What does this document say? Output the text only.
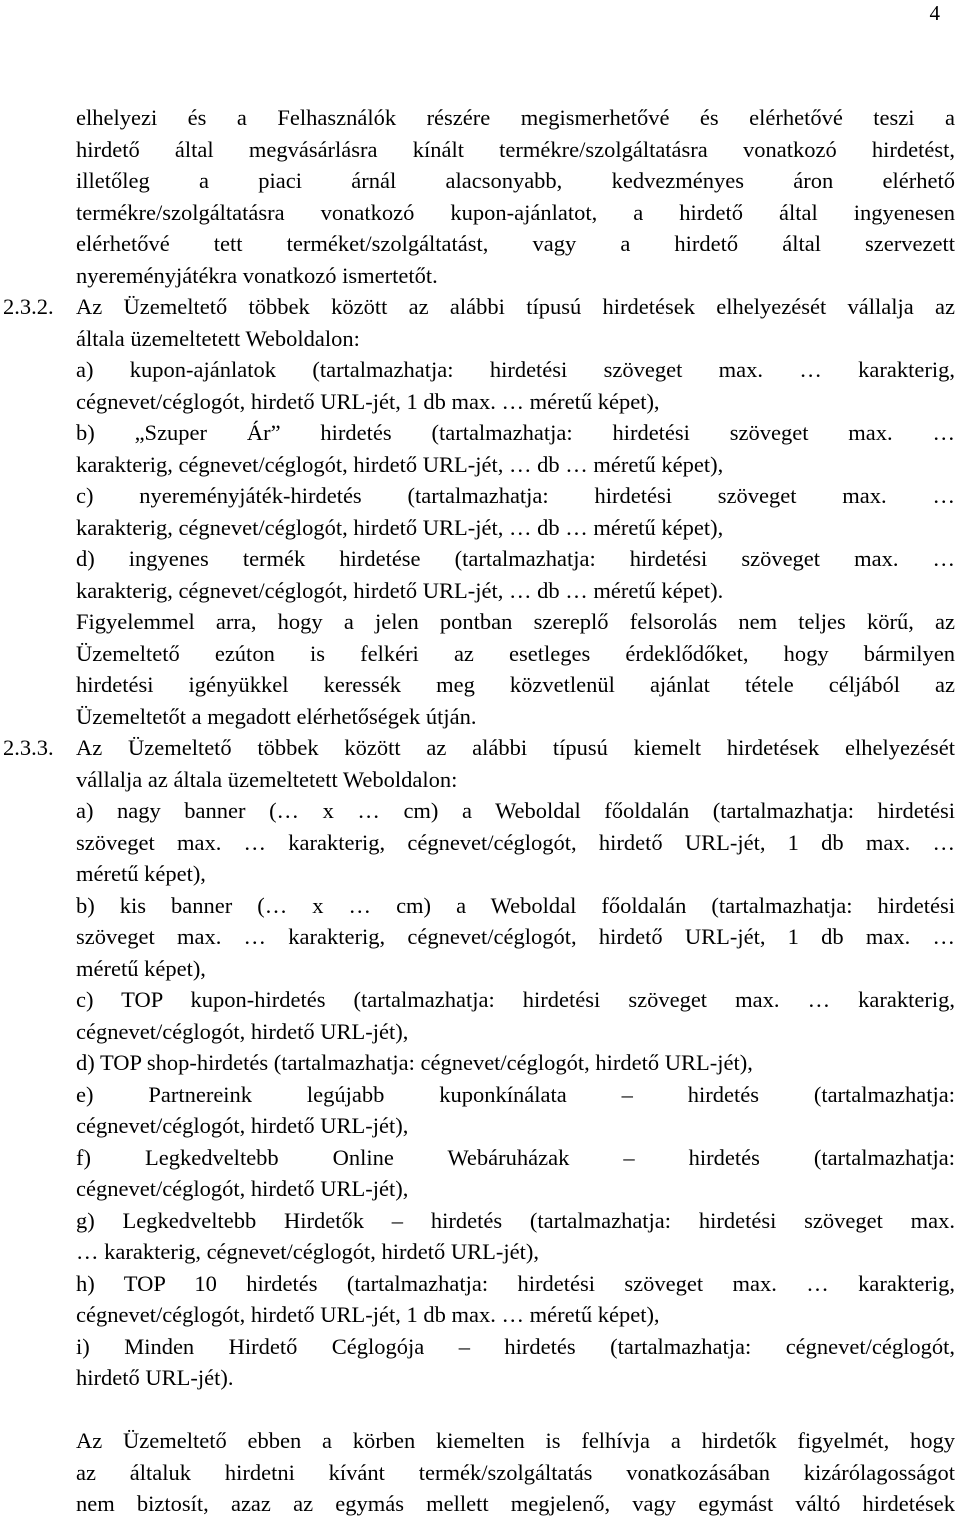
4
elhelyezi és a Felhasználók részére megismerhetővé és elérhetővé teszi a
hirdető által megvásárlásra kínált termékre/szolgáltatásra vonatkozó hirdetést,
illetőleg a piaci árnál alacsonyabb, kedvezményes áron elérhető
termékre/szolgáltatásra vonatkozó kupon-ajánlatot, a hirdető által ingyenesen
elérhetővé tett terméket/szolgáltatást, vagy a hirdető által szervezett
nyereményjátékra vonatkozó ismertetőt.
2.3.2. Az Üzemeltető többek között az alábbi típusú hirdetések elhelyezését vállalja az
általa üzemeltetett Weboldalon:
a) kupon-ajánlatok (tartalmazhatja: hirdetési szöveget max. … karakterig,
cégnevet/céglogót, hirdető URL-jét, 1 db max. … méretű képet),
b) „Szuper Ár” hirdetés (tartalmazhatja: hirdetési szöveget max. …
karakterig, cégnevet/céglogót, hirdető URL-jét, … db … méretű képet),
c) nyereményjáték-hirdetés (tartalmazhatja: hirdetési szöveget max. …
karakterig, cégnevet/céglogót, hirdető URL-jét, … db … méretű képet),
d) ingyenes termék hirdetése (tartalmazhatja: hirdetési szöveget max. …
karakterig, cégnevet/céglogót, hirdető URL-jét, … db … méretű képet).
Figyelemmel arra, hogy a jelen pontban szereplő felsorolás nem teljes körű, az
Üzemeltető ezúton is felkéri az esetleges érdeklődőket, hogy bármilyen
hirdetési igényükkel keressék meg közvetlenül ajánlat tétele céljából az
Üzemeltetőt a megadott elérhetőségek útján.
2.3.3. Az Üzemeltető többek között az alábbi típusú kiemelt hirdetések elhelyezését
vállalja az általa üzemeltetett Weboldalon:
a) nagy banner (… x … cm) a Weboldal főoldalán (tartalmazhatja: hirdetési
szöveget max. … karakterig, cégnevet/céglogót, hirdető URL-jét, 1 db max. …
méretű képet),
b) kis banner (… x … cm) a Weboldal főoldalán (tartalmazhatja: hirdetési
szöveget max. … karakterig, cégnevet/céglogót, hirdető URL-jét, 1 db max. …
méretű képet),
c) TOP kupon-hirdetés (tartalmazhatja: hirdetési szöveget max. … karakterig,
cégnevet/céglogót, hirdető URL-jét),
d) TOP shop-hirdetés (tartalmazhatja: cégnevet/céglogót, hirdető URL-jét),
e) Partnereink legújabb kuponkínálata – hirdetés (tartalmazhatja:
cégnevet/céglogót, hirdető URL-jét),
f) Legkedveltebb Online Webáruházak – hirdetés (tartalmazhatja:
cégnevet/céglogót, hirdető URL-jét),
g) Legkedveltebb Hirdetők – hirdetés (tartalmazhatja: hirdetési szöveget max.
… karakterig, cégnevet/céglogót, hirdető URL-jét),
h) TOP 10 hirdetés (tartalmazhatja: hirdetési szöveget max. … karakterig,
cégnevet/céglogót, hirdető URL-jét, 1 db max. … méretű képet),
i) Minden Hirdető Céglogója – hirdetés (tartalmazhatja: cégnevet/céglogót,
hirdető URL-jét).
Az Üzemeltető ebben a körben kiemelten is felhívja a hirdetők figyelmét, hogy
az általuk hirdetni kívánt termék/szolgáltatás vonatkozásában kizárólagosságot
nem biztosít, azaz az egymás mellett megjelenő, vagy egymást váltó hirdetések
